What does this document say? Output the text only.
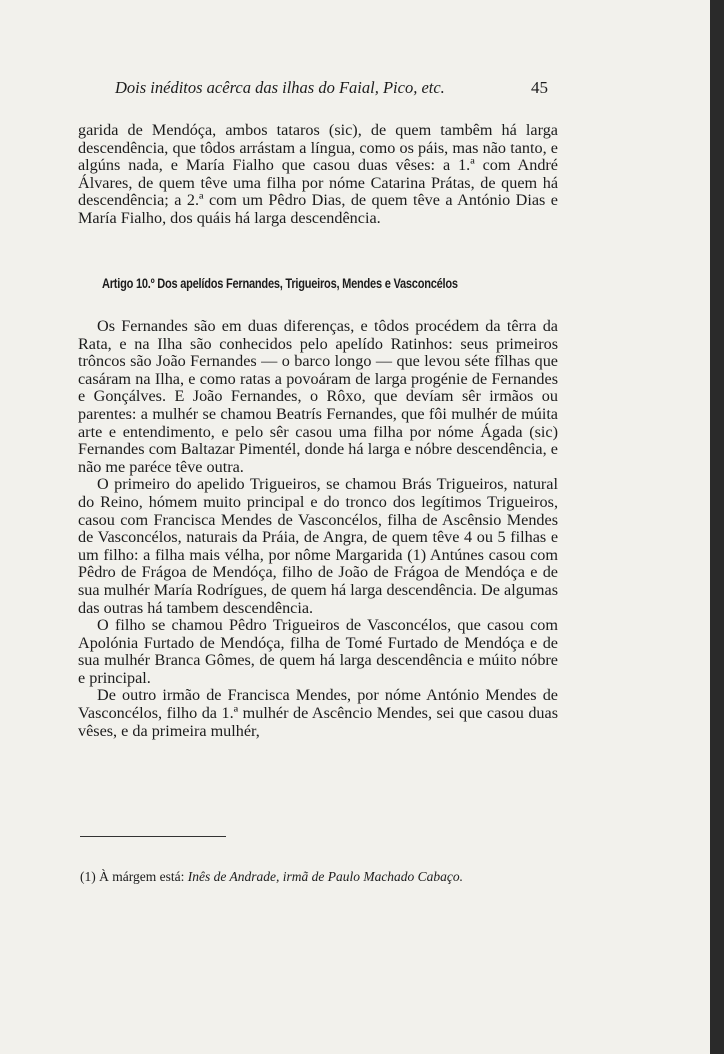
Dois inéditos acêrca das ilhas do Faial, Pico, etc.	45

garida de Mendóça, ambos tataros (sic), de quem tambêm há larga descendência, que tôdos arrástam a língua, como os páis, mas não tanto, e algúns nada, e María Fialho que casou duas vêses: a 1.ª com André Álvares, de quem têve uma filha por nóme Catarina Prátas, de quem há descendência; a 2.ª com um Pêdro Dias, de quem têve a António Dias e María Fialho, dos quáis há larga descendência.

Artigo 10.º Dos apelídos Fernandes, Trigueiros, Mendes e Vasconcélos

Os Fernandes são em duas diferenças, e tôdos procédem da têrra da Rata, e na Ilha são conhecidos pelo apelído Ratinhos: seus primeiros trôncos são João Fernandes — o barco longo — que levou séte fîlhas que casáram na Ilha, e como ratas a povoáram de larga progénie de Fernandes e Gonçálves. E João Fernandes, o Rôxo, que devíam sêr irmãos ou parentes: a mulhér se chamou Beatrís Fernandes, que fôi mulhér de múita arte e entendimento, e pelo sêr casou uma filha por nóme Ágada (sic) Fernandes com Baltazar Pimentél, donde há larga e nóbre descendência, e não me paréce têve outra.

O primeiro do apelido Trigueiros, se chamou Brás Trigueiros, natural do Reino, hómem muito principal e do tronco dos legítimos Trigueiros, casou com Francisca Mendes de Vasconcélos, filha de Ascênsio Mendes de Vasconcélos, naturais da Práia, de Angra, de quem têve 4 ou 5 filhas e um filho: a filha mais vélha, por nôme Margarida (1) Antúnes casou com Pêdro de Frágoa de Mendóça, filho de João de Frágoa de Mendóça e de sua mulhér María Rodrígues, de quem há larga descendência. De algumas das outras há tambem descendência.

O filho se chamou Pêdro Trigueiros de Vasconcélos, que casou com Apolónia Furtado de Mendóça, filha de Tomé Furtado de Mendóça e de sua mulhér Branca Gômes, de quem há larga descendência e múito nóbre e principal.

De outro irmão de Francisca Mendes, por nóme António Mendes de Vasconcélos, filho da 1.ª mulhér de Ascêncio Mendes, sei que casou duas vêses, e da primeira mulhér,

(1) À márgem está: Inês de Andrade, irmã de Paulo Machado Cabaço.
